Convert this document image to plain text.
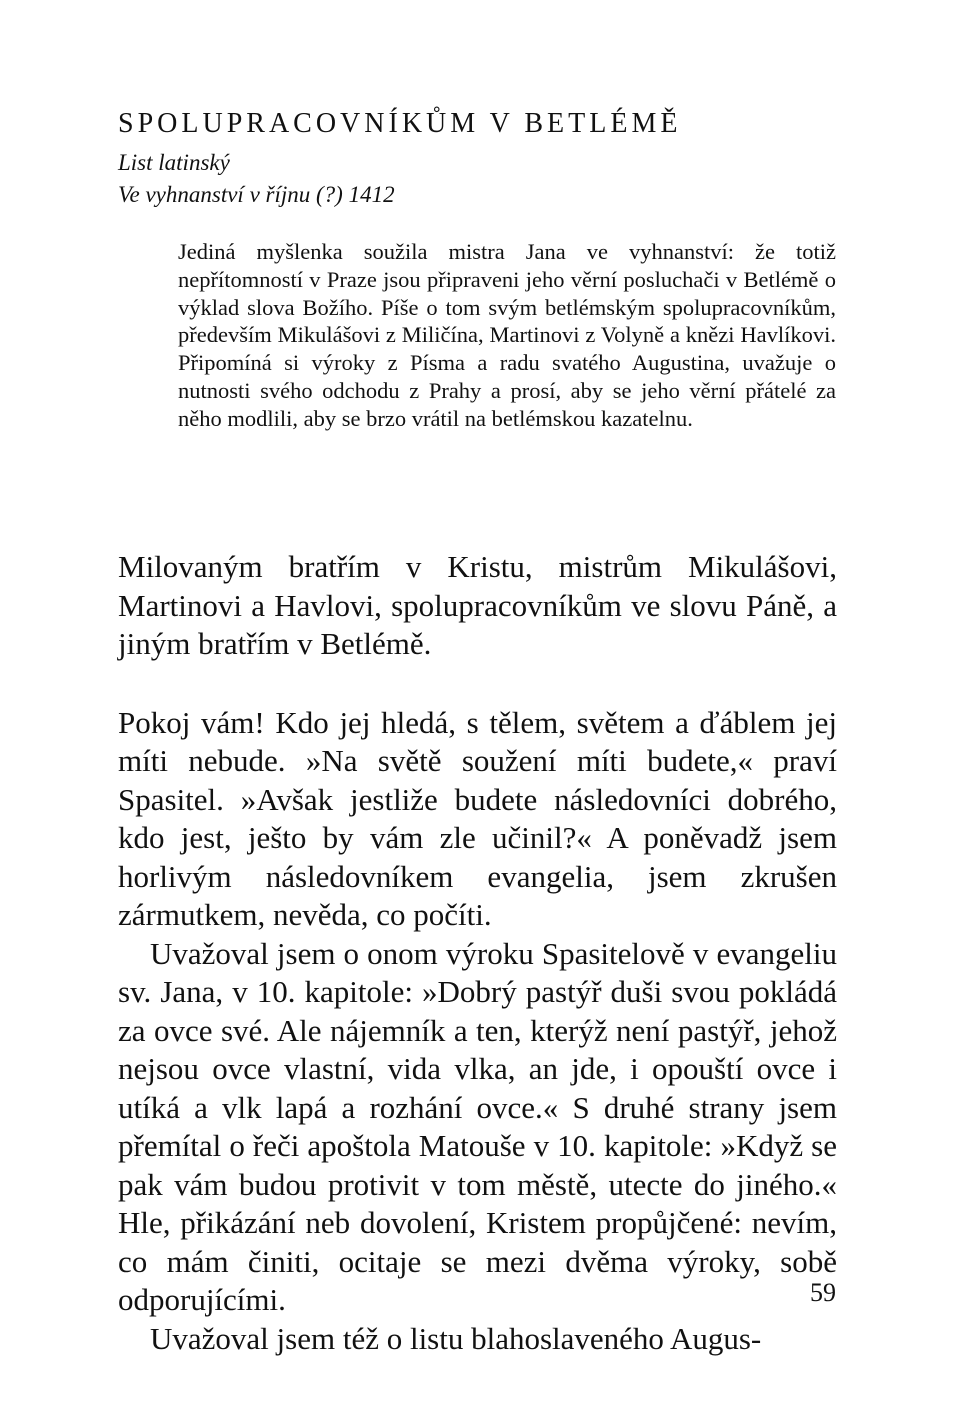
SPOLUPRACOVNÍKŮM V BETLÉMĚ
List latinský
Ve vyhnanství v říjnu (?) 1412
Jediná myšlenka soužila mistra Jana ve vyhnanství: že totiž nepřítomností v Praze jsou připraveni jeho věrní posluchači v Betlémě o výklad slova Božího. Píše o tom svým betlémským spolupracovníkům, především Mikulášovi z Miličína, Martinovi z Volyně a knězi Havlíkovi. Připomíná si výroky z Písma a radu svatého Augustina, uvažuje o nutnosti svého odchodu z Prahy a prosí, aby se jeho věrní přátelé za něho modlili, aby se brzo vrátil na betlémskou kazatelnu.

Milovaným bratřím v Kristu, mistrům Mikulášovi, Martinovi a Havlovi, spolupracovníkům ve slovu Páně, a jiným bratřím v Betlémě.

Pokoj vám! Kdo jej hledá, s tělem, světem a ďáblem jej míti nebude. »Na světě soužení míti budete,« praví Spasitel. »Avšak jestliže budete následovníci dobrého, kdo jest, ješto by vám zle učinil?« A poněvadž jsem horlivým následovníkem evangelia, jsem zkrušen zármutkem, nevěda, co počíti.

Uvažoval jsem o onom výroku Spasitelově v evangeliu sv. Jana, v 10. kapitole: »Dobrý pastýř duši svou pokládá za ovce své. Ale nájemník a ten, kterýž není pastýř, jehož nejsou ovce vlastní, vida vlka, an jde, i opouští ovce i utíká a vlk lapá a rozhání ovce.« S druhé strany jsem přemítal o řeči apoštola Matouše v 10. kapitole: »Když se pak vám budou protivit v tom městě, utecte do jiného.« Hle, přikázání neb dovolení, Kristem propůjčené: nevím, co mám činiti, ocitaje se mezi dvěma výroky, sobě odporujícími.

Uvažoval jsem též o listu blahoslaveného Augus-

59
